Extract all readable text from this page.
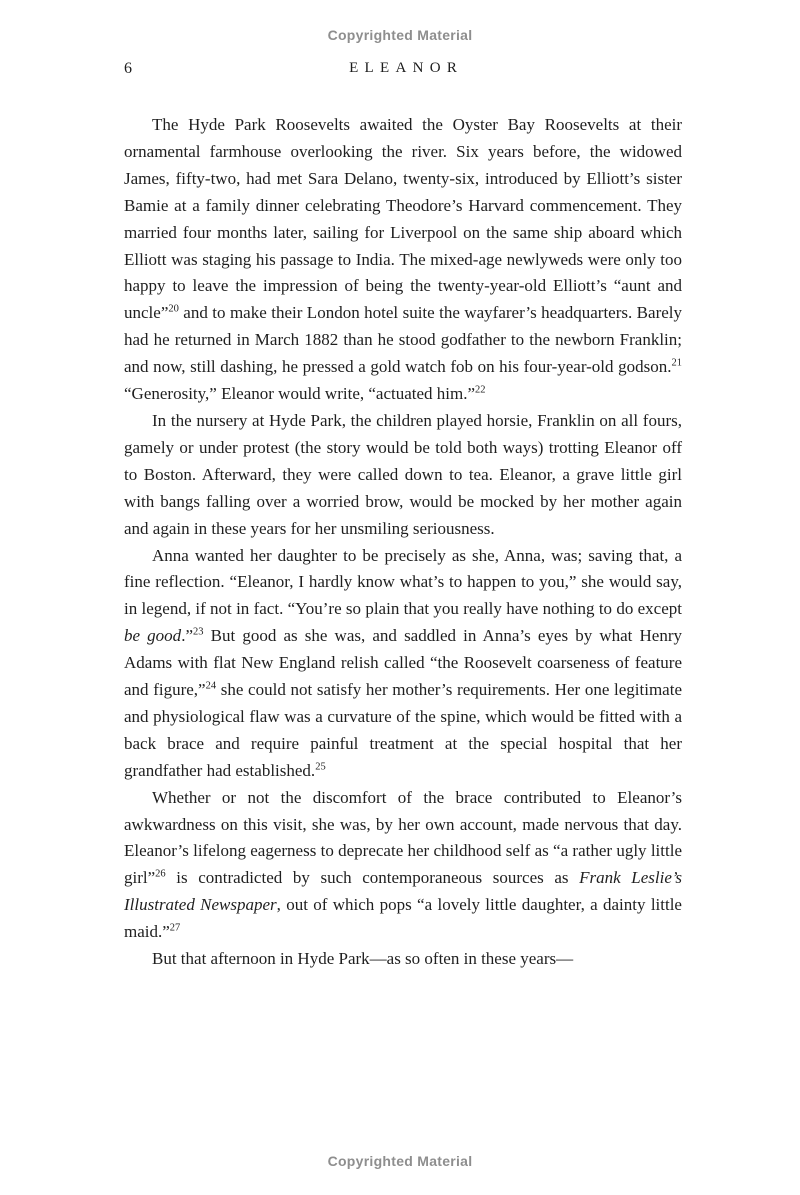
Copyrighted Material
6	ELEANOR

The Hyde Park Roosevelts awaited the Oyster Bay Roosevelts at their ornamental farmhouse overlooking the river. Six years before, the widowed James, fifty-two, had met Sara Delano, twenty-six, introduced by Elliott’s sister Bamie at a family dinner celebrating Theodore’s Harvard commencement. They married four months later, sailing for Liverpool on the same ship aboard which Elliott was staging his passage to India. The mixed-age newlyweds were only too happy to leave the impression of being the twenty-year-old Elliott’s “aunt and uncle”$^{20}$ and to make their London hotel suite the wayfarer’s headquarters. Barely had he returned in March 1882 than he stood godfather to the newborn Franklin; and now, still dashing, he pressed a gold watch fob on his four-year-old godson.$^{21}$ “Generosity,” Eleanor would write, “actuated him.”$^{22}$

In the nursery at Hyde Park, the children played horsie, Franklin on all fours, gamely or under protest (the story would be told both ways) trotting Eleanor off to Boston. Afterward, they were called down to tea. Eleanor, a grave little girl with bangs falling over a worried brow, would be mocked by her mother again and again in these years for her unsmiling seriousness.

Anna wanted her daughter to be precisely as she, Anna, was; saving that, a fine reflection. “Eleanor, I hardly know what’s to happen to you,” she would say, in legend, if not in fact. “You’re so plain that you really have nothing to do except be good.”$^{23}$ But good as she was, and saddled in Anna’s eyes by what Henry Adams with flat New England relish called “the Roosevelt coarseness of feature and figure,”$^{24}$ she could not satisfy her mother’s requirements. Her one legitimate and physiological flaw was a curvature of the spine, which would be fitted with a back brace and require painful treatment at the special hospital that her grandfather had established.$^{25}$

Whether or not the discomfort of the brace contributed to Eleanor’s awkwardness on this visit, she was, by her own account, made nervous that day. Eleanor’s lifelong eagerness to deprecate her childhood self as “a rather ugly little girl”$^{26}$ is contradicted by such contemporaneous sources as Frank Leslie’s Illustrated Newspaper, out of which pops “a lovely little daughter, a dainty little maid.”$^{27}$

But that afternoon in Hyde Park—as so often in these years—

Copyrighted Material
